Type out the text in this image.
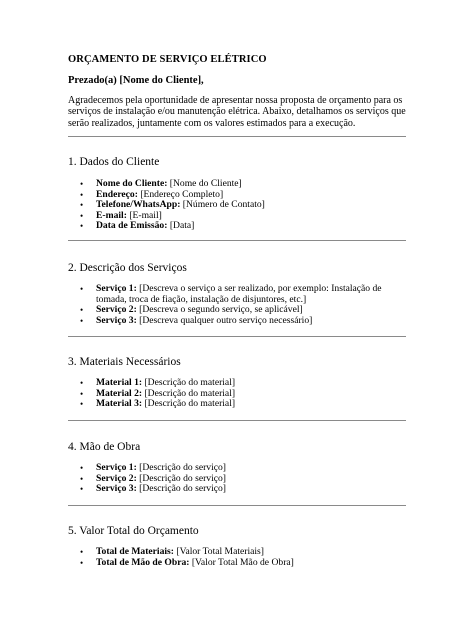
ORÇAMENTO DE SERVIÇO ELÉTRICO
Prezado(a) [Nome do Cliente],
Agradecemos pela oportunidade de apresentar nossa proposta de orçamento para os serviços de instalação e/ou manutenção elétrica. Abaixo, detalhamos os serviços que serão realizados, juntamente com os valores estimados para a execução.
1. Dados do Cliente
• Nome do Cliente: [Nome do Cliente]
• Endereço: [Endereço Completo]
• Telefone/WhatsApp: [Número de Contato]
• E-mail: [E-mail]
• Data de Emissão: [Data]
2. Descrição dos Serviços
• Serviço 1: [Descreva o serviço a ser realizado, por exemplo: Instalação de tomada, troca de fiação, instalação de disjuntores, etc.]
• Serviço 2: [Descreva o segundo serviço, se aplicável]
• Serviço 3: [Descreva qualquer outro serviço necessário]
3. Materiais Necessários
• Material 1: [Descrição do material]
• Material 2: [Descrição do material]
• Material 3: [Descrição do material]
4. Mão de Obra
• Serviço 1: [Descrição do serviço]
• Serviço 2: [Descrição do serviço]
• Serviço 3: [Descrição do serviço]
5. Valor Total do Orçamento
• Total de Materiais: [Valor Total Materiais]
• Total de Mão de Obra: [Valor Total Mão de Obra]
